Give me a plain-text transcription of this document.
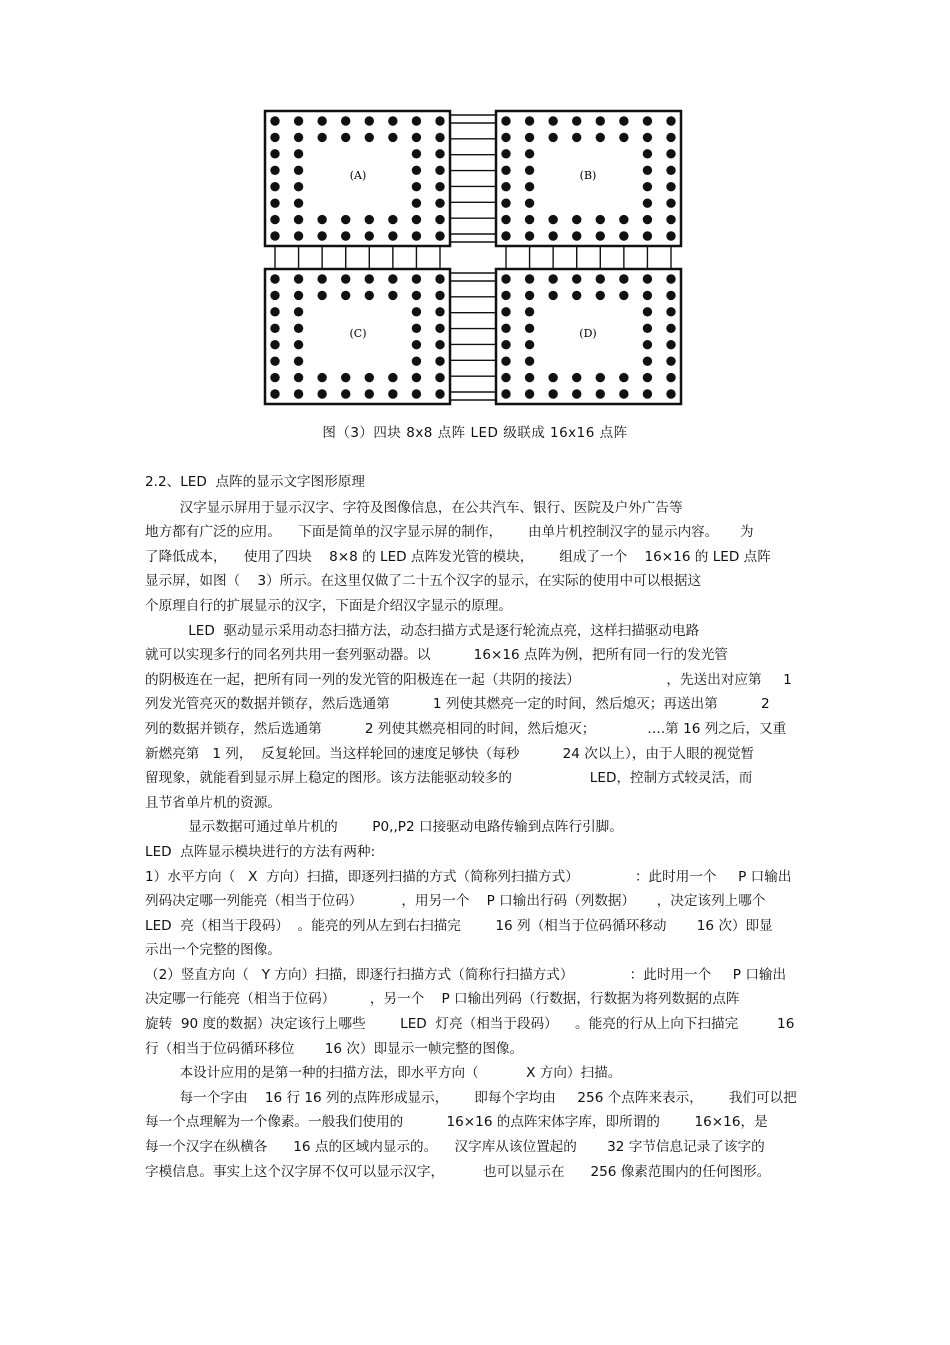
(A)	(B)
(C)	(D)
图（3）四块 8x8 点阵 LED 级联成 16x16 点阵
2.2、LED  点阵的显示文字图形原理
汉字显示屏用于显示汉字、字符及图像信息，在公共汽车、银行、医院及户外广告等
地方都有广泛的应用。    下面是简单的汉字显示屏的制作，      由单片机控制汉字的显示内容。     为
了降低成本，    使用了四块    8×8 的 LED 点阵发光管的模块，      组成了一个    16×16 的 LED 点阵
显示屏，如图（    3）所示。在这里仅做了二十五个汉字的显示，在实际的使用中可以根据这
个原理自行的扩展显示的汉字，下面是介绍汉字显示的原理。
LED  驱动显示采用动态扫描方法，动态扫描方式是逐行轮流点亮，这样扫描驱动电路
就可以实现多行的同名列共用一套列驱动器。以          16×16 点阵为例，把所有同一行的发光管
的阴极连在一起，把所有同一列的发光管的阳极连在一起（共阴的接法）                    ，先送出对应第     1
列发光管亮灭的数据并锁存，然后选通第          1 列使其燃亮一定的时间，然后熄灭；再送出第          2
列的数据并锁存，然后选通第          2 列使其燃亮相同的时间，然后熄灭；            ….第 16 列之后，又重
新燃亮第   1 列，  反复轮回。当这样轮回的速度足够快（每秒          24 次以上），由于人眼的视觉暂
留现象，就能看到显示屏上稳定的图形。该方法能驱动较多的                  LED，控制方式较灵活，而
且节省单片机的资源。
显示数据可通过单片机的        P0,,P2 口接驱动电路传输到点阵行引脚。
LED  点阵显示模块进行的方法有两种:
1）水平方向（   X  方向）扫描，即逐列扫描的方式（简称列扫描方式）             ：此时用一个     P 口输出
列码决定哪一列能亮（相当于位码）         ，用另一个    P 口输出行码（列数据）     ，决定该列上哪个
LED  亮（相当于段码）  。能亮的列从左到右扫描完        16 列（相当于位码循环移动       16 次）即显
示出一个完整的图像。
（2）竖直方向（   Y 方向）扫描，即逐行扫描方式（简称行扫描方式）             ：此时用一个     P 口输出
决定哪一行能亮（相当于位码）        ，另一个    P 口输出列码（行数据，行数据为将列数据的点阵
旋转  90 度的数据）决定该行上哪些        LED  灯亮（相当于段码）    。能亮的行从上向下扫描完         16
行（相当于位码循环移位       16 次）即显示一帧完整的图像。
本设计应用的是第一种的扫描方法，即水平方向（           X 方向）扫描。
每一个字由    16 行 16 列的点阵形成显示，      即每个字均由     256 个点阵来表示，      我们可以把
每一个点理解为一个像素。一般我们使用的          16×16 的点阵宋体字库，即所谓的        16×16，是
每一个汉字在纵横各      16 点的区域内显示的。    汉字库从该位置起的       32 字节信息记录了该字的
字模信息。事实上这个汉字屏不仅可以显示汉字，         也可以显示在      256 像素范围内的任何图形。
